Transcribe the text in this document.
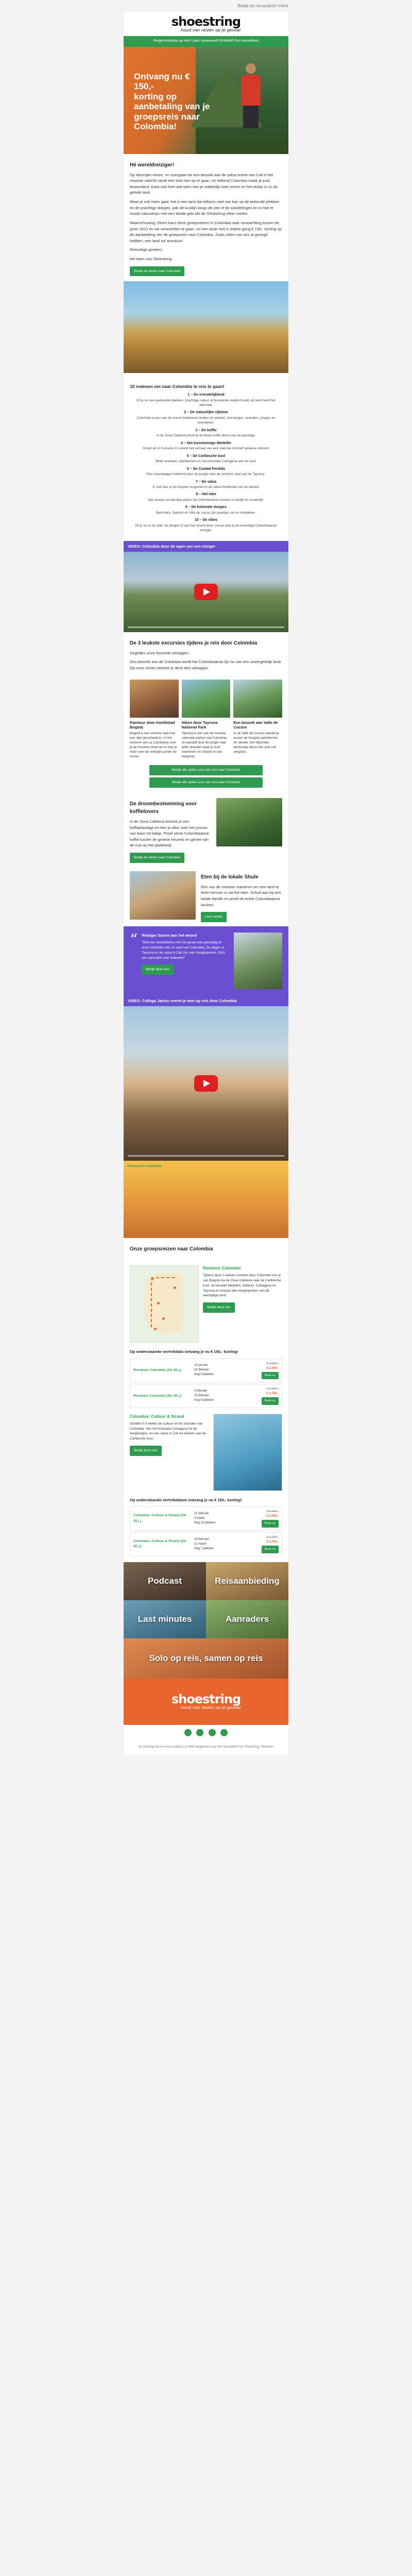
Bekijk de nieuwsbrief online
shoestring
houd van reizen op je gevoel
Reigereniedeta op reis! Later sneeauwd! Eindeloll! Een wereldreis
Ontvang nu € 150,-
korting op
aanbetaling van je
groepsreis naar
Colombia!
Hé wereldreiziger!

Op kleurrijke reizen, en overgaan tot een bezoek aan de salsa-scene van Cali is het mooiste uitzicht vanaf een stuk hart op te gaan, en bekend Colombia maak je juist bewonderd. Gaat ook heel wat talen kan je makkelijk mee reizen en het stokje is nu de gehele land.

Waar je ook heen gaat: het is een land dat telkens veel van kan op de bekende plekken en de prachtige dorpjes, pak de kustlijn langs de zee of de wandelingen en in hoe er mooie natuurtrips met een lokale gids die de Shoestring-sfeer voelen.

Waarschuwing: Direct kans deze groepsreizen in Colombia naar verwachting tussen de jaren 2023 en we verwachten te gaan, en een actie met in iedere gang € 150,- korting op de aanbetaling van de groepsreis naar Colombia. Zoals velen van ons al gezegd hebben, een land vol avontuur!

Reisvelige groeten,

het team van Shoestring

Bekijk de reizen naar Colombia
10 redenen om naar Colombia te reis te gaan!
1 – De vriendelijkheid
Of je nu van parkeerde blanken, prachtige natuur of bruisende steden houdt, dit land heeft het allemaal.
2 – De natuurlijke rijkdom
Colombia is een van de meest biodiverse landen ter wereld, met bergen, stranden, jungles en woestijnen.
3 – De koffie
In de Zona Cafetera proef je de beste koffie direct van de plantage.
4 – Het kunstzinnige Medellín
Street art in Comuna 13 vertelt het verhaal van een stad die zichzelf opnieuw uitvond.
5 – De Caribische kust
Witte stranden, palmbomen en het koloniale Cartagena aan de kust.
6 – De Ciudad Perdida
Een meerdaagse trektocht door de jungle naar de verloren stad van de Tayrona.
7 – De salsa
In Cali leer je de heupen losgooien in de salsa-hoofdstad van de wereld.
8 – Het eten
Van arepas tot bandeja paisa: de Colombiaanse keuken is eerlijk en smakelijk.
9 – De koloniale dorpjes
Barichara, Salento en Villa de Leyva zijn pareltjes om te ontdekken.
10 – De vibes
Of je nu in de stad, de bergen of aan het strand bent: overal voel je de levendige Colombiaanse energie.
VIDEO: Colombia door de ogen van een reiziger
De 3 leukste excursies tijdens je reis door Colombia

Dagelijks onze favoriete uitstapjes:

Ons bezoek aan de Colombia wordt het Colombiaanse lijn nu van een onvergetelijk land. Op onze reizen bezoek je deze drie uitstapjes.

Paintour door hoofdstad Bogotá
Bogotá is een enorme stad met een rijke geschiedenis. In het centrum van La Candelaria vind je de mooiste street art en leer je meer over de verhalen achter de muren.
Hiken door Tayrona National Park
Tayrona is een van de mooiste nationale parken van Colombia. Je wandelt door de jungle naar witte stranden waar je kunt zwemmen en relaxen in een hangmat.
Een bezoek aan Valle de Cocora
In de Valle de Cocora wandel je tussen de hoogste palmbomen ter wereld. Een bijzonder landschap dat je niet snel zult vergeten.
Bekijk alle opties voor een reis naar Colombia
Bekijk alle opties voor een reis naar Colombia
De droombestemming voor koffielovers

In de Zona Cafetera bezoek je een koffieplantage en leer je alles over het proces van boon tot bakje. Proef verse Colombiaanse koffie tussen de groene heuvels en geniet van de rust op het platteland.

Bekijk de reizen naar Colombia
Eten bij de lokale Shule

Een van de mooiste manieren om een land te leren kennen is via het eten. Schuif aan bij een lokale familie en proef de echte Colombiaanse keuken.

Lees verder
“ Reiziger Sanne aan het woord
"Wat een fantastische reis! De groep was geweldig en onze reisleider wist zo veel over Colombia. De dagen in Tayrona en de salsa in Cali zijn mijn hoogtepunten. Echt een aanrader voor iedereen!"
Bekijk deze reis
VIDEO: Collega Janice neemt je mee op reis door Colombia
Groepsreis Colombia
Onze groepsreizen naar Colombia
Rondreis Colombia
Tijdens deze 3 weken rondreis door Colombia reis je van Bogotá via de Zona Cafetera naar de Caribische kust. Je bezoekt Medellín, Salento, Cartagena en Tayrona en ervaart alle hoogtepunten van dit veelzijdige land.
Bekijk deze reis
Op onderstaande vertrekdata ontvang je nu € 150,- korting!
Rondreis Colombia (19–25 j.)
14 januari
15 februari
Nog 8 plekken
€ 2.399,-
€ 2.249,-
Boek nu
Rondreis Colombia (26–45 j.)
4 februari
25 februari
Nog 6 plekken
€ 2.399,-
€ 2.249,-
Boek nu
Colombia: Cultuur & Strand
Ontdek in 3 weken de cultuur en de stranden van Colombia. Van het koloniale Cartagena tot de bergdorpjes, en van salsa in Cali tot relaxen aan de Caribische kust.
Bekijk deze reis
Op onderstaande vertrekdatum ontvang je nu € 150,- korting!
Colombia: Cultuur & Strand (19–25 j.)
11 februari
4 maart
Nog 10 plekken
€ 2.199,-
€ 2.049,-
Boek nu
Colombia: Cultuur & Strand (26–45 j.)
18 februari
11 maart
Nog 7 plekken
€ 2.199,-
€ 2.049,-
Boek nu
Podcast	Reisaanbieding
Last minutes	Aanraders
Solo op reis, samen op reis
shoestring
houd van reizen op je gevoel

Je ontvangt deze e-mail omdat je je hebt aangemeld voor de nieuwsbrief van Shoestring. Afmelden
